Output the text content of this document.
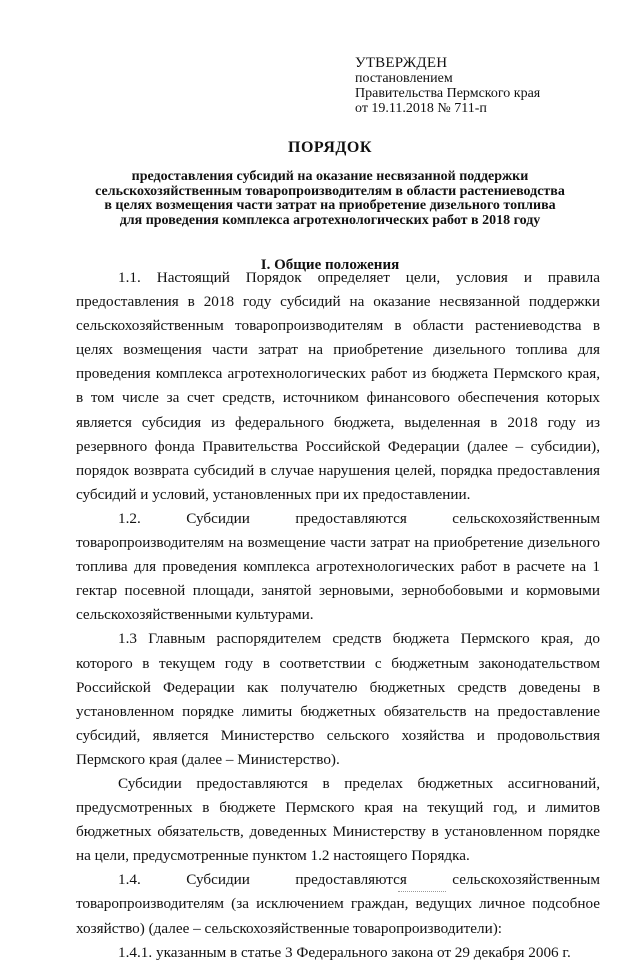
УТВЕРЖДЕН
постановлением
Правительства Пермского края
от 19.11.2018 № 711-п
ПОРЯДОК
предоставления субсидий на оказание несвязанной поддержки
сельскохозяйственным товаропроизводителям в области растениеводства
в целях возмещения части затрат на приобретение дизельного топлива
для проведения комплекса агротехнологических работ в 2018 году
I. Общие положения

1.1. Настоящий Порядок определяет цели, условия и правила предоставления в 2018 году субсидий на оказание несвязанной поддержки сельскохозяйственным товаропроизводителям в области растениеводства в целях возмещения части затрат на приобретение дизельного топлива для проведения комплекса агротехнологических работ из бюджета Пермского края, в том числе за счет средств, источником финансового обеспечения которых является субсидия из федерального бюджета, выделенная в 2018 году из резервного фонда Правительства Российской Федерации (далее – субсидии), порядок возврата субсидий в случае нарушения целей, порядка предоставления субсидий и условий, установленных при их предоставлении.

1.2. Субсидии предоставляются сельскохозяйственным товаропроизводителям на возмещение части затрат на приобретение дизельного топлива для проведения комплекса агротехнологических работ в расчете на 1 гектар посевной площади, занятой зерновыми, зернобобовыми и кормовыми сельскохозяйственными культурами.

1.3 Главным распорядителем средств бюджета Пермского края, до которого в текущем году в соответствии с бюджетным законодательством Российской Федерации как получателю бюджетных средств доведены в установленном порядке лимиты бюджетных обязательств на предоставление субсидий, является Министерство сельского хозяйства и продовольствия Пермского края (далее – Министерство).

Субсидии предоставляются в пределах бюджетных ассигнований, предусмотренных в бюджете Пермского края на текущий год, и лимитов бюджетных обязательств, доведенных Министерству в установленном порядке на цели, предусмотренные пунктом 1.2 настоящего Порядка.

1.4. Субсидии предоставляются сельскохозяйственным товаропроизводителям (за исключением граждан, ведущих личное подсобное хозяйство) (далее – сельскохозяйственные товаропроизводители):

1.4.1. указанным в статье 3 Федерального закона от 29 декабря 2006 г.
